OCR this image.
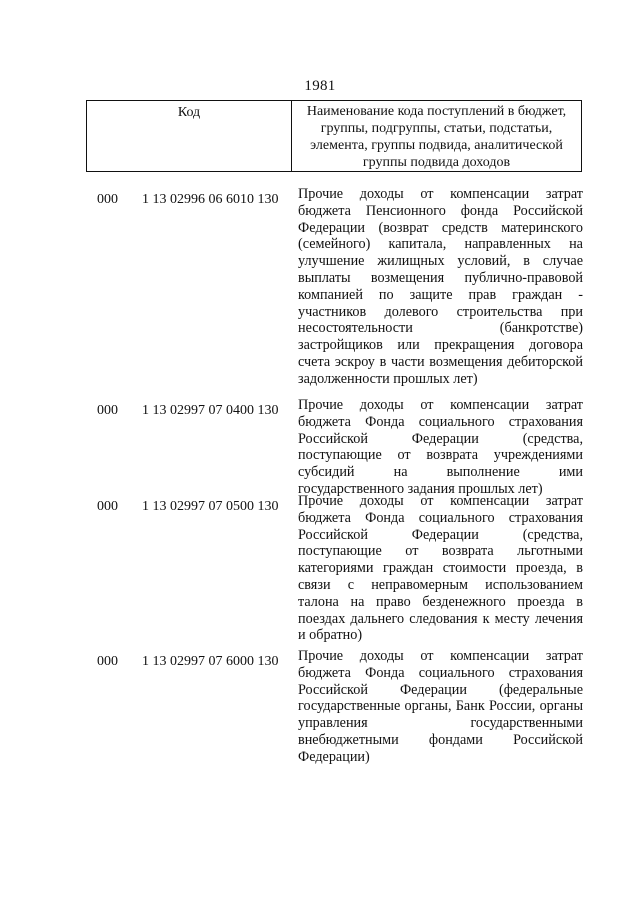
1981
Код	Наименование кода поступлений в бюджет, группы, подгруппы, статьи, подстатьи, элемента, группы подвида, аналитической группы подвида доходов
000	1 13 02996 06 6010 130	Прочие доходы от компенсации затрат бюджета Пенсионного фонда Российской Федерации (возврат средств материнского (семейного) капитала, направленных на улучшение жилищных условий, в случае выплаты возмещения публично-правовой компанией по защите прав граждан - участников долевого строительства при несостоятельности (банкротстве) застройщиков или прекращения договора счета эскроу в части возмещения дебиторской задолженности прошлых лет)
000	1 13 02997 07 0400 130	Прочие доходы от компенсации затрат бюджета Фонда социального страхования Российской Федерации (средства, поступающие от возврата учреждениями субсидий на выполнение ими государственного задания прошлых лет)
000	1 13 02997 07 0500 130	Прочие доходы от компенсации затрат бюджета Фонда социального страхования Российской Федерации (средства, поступающие от возврата льготными категориями граждан стоимости проезда, в связи с неправомерным использованием талона на право безденежного проезда в поездах дальнего следования к месту лечения и обратно)
000	1 13 02997 07 6000 130	Прочие доходы от компенсации затрат бюджета Фонда социального страхования Российской Федерации (федеральные государственные органы, Банк России, органы управления государственными внебюджетными фондами Российской Федерации)
